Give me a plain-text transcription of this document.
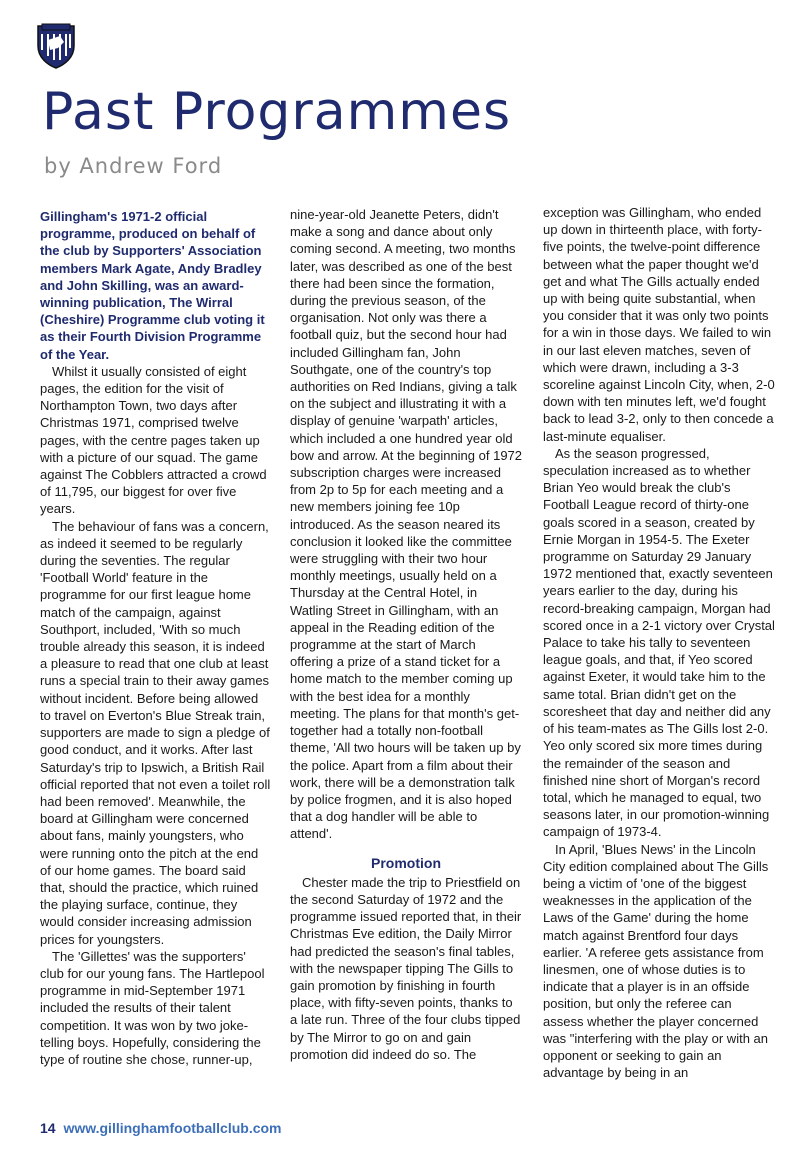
Past Programmes

by Andrew Ford

Gillingham's 1971-2 official programme, produced on behalf of the club by Supporters' Association members Mark Agate, Andy Bradley and John Skilling, was an award-winning publication, The Wirral (Cheshire) Programme club voting it as their Fourth Division Programme of the Year.

Whilst it usually consisted of eight pages, the edition for the visit of Northampton Town, two days after Christmas 1971, comprised twelve pages, with the centre pages taken up with a picture of our squad. The game against The Cobblers attracted a crowd of 11,795, our biggest for over five years.

The behaviour of fans was a concern, as indeed it seemed to be regularly during the seventies. The regular 'Football World' feature in the programme for our first league home match of the campaign, against Southport, included, 'With so much trouble already this season, it is indeed a pleasure to read that one club at least runs a special train to their away games without incident. Before being allowed to travel on Everton's Blue Streak train, supporters are made to sign a pledge of good conduct, and it works. After last Saturday's trip to Ipswich, a British Rail official reported that not even a toilet roll had been removed'. Meanwhile, the board at Gillingham were concerned about fans, mainly youngsters, who were running onto the pitch at the end of our home games. The board said that, should the practice, which ruined the playing surface, continue, they would consider increasing admission prices for youngsters.

The 'Gillettes' was the supporters' club for our young fans. The Hartlepool programme in mid-September 1971 included the results of their talent competition. It was won by two joke-telling boys. Hopefully, considering the type of routine she chose, runner-up,

nine-year-old Jeanette Peters, didn't make a song and dance about only coming second. A meeting, two months later, was described as one of the best there had been since the formation, during the previous season, of the organisation. Not only was there a football quiz, but the second hour had included Gillingham fan, John Southgate, one of the country's top authorities on Red Indians, giving a talk on the subject and illustrating it with a display of genuine 'warpath' articles, which included a one hundred year old bow and arrow. At the beginning of 1972 subscription charges were increased from 2p to 5p for each meeting and a new members joining fee 10p introduced. As the season neared its conclusion it looked like the committee were struggling with their two hour monthly meetings, usually held on a Thursday at the Central Hotel, in Watling Street in Gillingham, with an appeal in the Reading edition of the programme at the start of March offering a prize of a stand ticket for a home match to the member coming up with the best idea for a monthly meeting. The plans for that month's get-together had a totally non-football theme, 'All two hours will be taken up by the police. Apart from a film about their work, there will be a demonstration talk by police frogmen, and it is also hoped that a dog handler will be able to attend'.

Promotion

Chester made the trip to Priestfield on the second Saturday of 1972 and the programme issued reported that, in their Christmas Eve edition, the Daily Mirror had predicted the season's final tables, with the newspaper tipping The Gills to gain promotion by finishing in fourth place, with fifty-seven points, thanks to a late run. Three of the four clubs tipped by The Mirror to go on and gain promotion did indeed do so. The

exception was Gillingham, who ended up down in thirteenth place, with forty-five points, the twelve-point difference between what the paper thought we'd get and what The Gills actually ended up with being quite substantial, when you consider that it was only two points for a win in those days. We failed to win in our last eleven matches, seven of which were drawn, including a 3-3 scoreline against Lincoln City, when, 2-0 down with ten minutes left, we'd fought back to lead 3-2, only to then concede a last-minute equaliser.

As the season progressed, speculation increased as to whether Brian Yeo would break the club's Football League record of thirty-one goals scored in a season, created by Ernie Morgan in 1954-5. The Exeter programme on Saturday 29 January 1972 mentioned that, exactly seventeen years earlier to the day, during his record-breaking campaign, Morgan had scored once in a 2-1 victory over Crystal Palace to take his tally to seventeen league goals, and that, if Yeo scored against Exeter, it would take him to the same total. Brian didn't get on the scoresheet that day and neither did any of his team-mates as The Gills lost 2-0. Yeo only scored six more times during the remainder of the season and finished nine short of Morgan's record total, which he managed to equal, two seasons later, in our promotion-winning campaign of 1973-4.

In April, 'Blues News' in the Lincoln City edition complained about The Gills being a victim of 'one of the biggest weaknesses in the application of the Laws of the Game' during the home match against Brentford four days earlier. 'A referee gets assistance from linesmen, one of whose duties is to indicate that a player is in an offside position, but only the referee can assess whether the player concerned was "interfering with the play or with an opponent or seeking to gain an advantage by being in an

14 www.gillinghamfootballclub.com
